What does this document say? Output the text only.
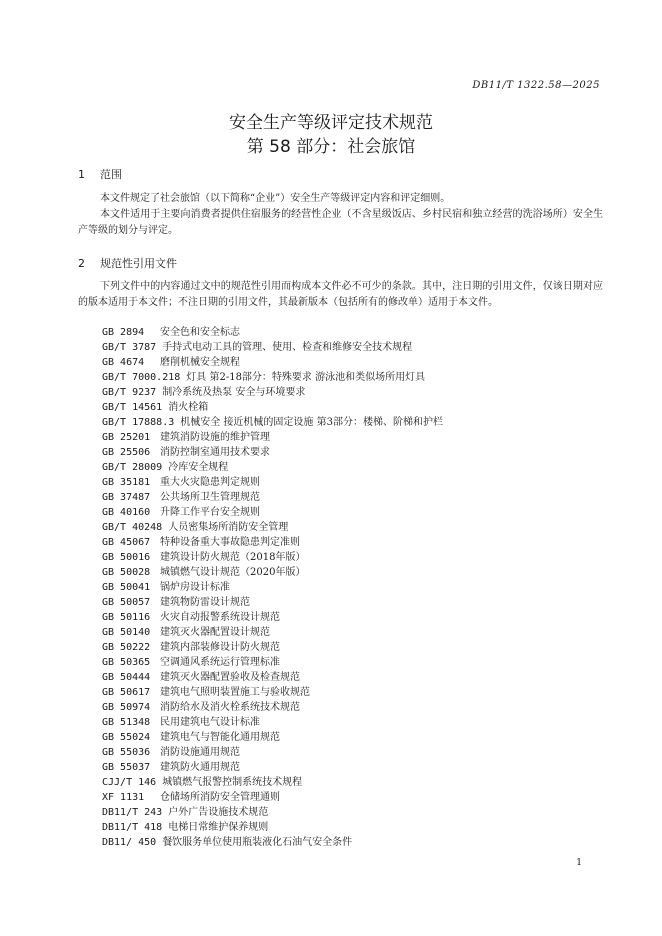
DB11/T 1322.58—2025
安全生产等级评定技术规范
第 58 部分：社会旅馆
1 范围

本文件规定了社会旅馆（以下简称“企业”）安全生产等级评定内容和评定细则。

本文件适用于主要向消费者提供住宿服务的经营性企业（不含星级饭店、乡村民宿和独立经营的洗浴场所）安全生产等级的划分与评定。

2 规范性引用文件

下列文件中的内容通过文中的规范性引用而构成本文件必不可少的条款。其中，注日期的引用文件，仅该日期对应的版本适用于本文件；不注日期的引用文件，其最新版本（包括所有的修改单）适用于本文件。

GB 2894 安全色和安全标志
GB/T 3787 手持式电动工具的管理、使用、检查和维修安全技术规程
GB 4674 磨削机械安全规程
GB/T 7000.218 灯具 第2-18部分：特殊要求 游泳池和类似场所用灯具
GB/T 9237 制冷系统及热泵 安全与环境要求
GB/T 14561 消火栓箱
GB/T 17888.3 机械安全 接近机械的固定设施 第3部分：楼梯、阶梯和护栏
GB 25201 建筑消防设施的维护管理
GB 25506 消防控制室通用技术要求
GB/T 28009 冷库安全规程
GB 35181 重大火灾隐患判定规则
GB 37487 公共场所卫生管理规范
GB 40160 升降工作平台安全规则
GB/T 40248 人员密集场所消防安全管理
GB 45067 特种设备重大事故隐患判定准则
GB 50016 建筑设计防火规范（2018年版）
GB 50028 城镇燃气设计规范（2020年版）
GB 50041 锅炉房设计标准
GB 50057 建筑物防雷设计规范
GB 50116 火灾自动报警系统设计规范
GB 50140 建筑灭火器配置设计规范
GB 50222 建筑内部装修设计防火规范
GB 50365 空调通风系统运行管理标准
GB 50444 建筑灭火器配置验收及检查规范
GB 50617 建筑电气照明装置施工与验收规范
GB 50974 消防给水及消火栓系统技术规范
GB 51348 民用建筑电气设计标准
GB 55024 建筑电气与智能化通用规范
GB 55036 消防设施通用规范
GB 55037 建筑防火通用规范
CJJ/T 146 城镇燃气报警控制系统技术规程
XF 1131 仓储场所消防安全管理通则
DB11/T 243 户外广告设施技术规范
DB11/T 418 电梯日常维护保养规则
DB11/ 450 餐饮服务单位使用瓶装液化石油气安全条件
1
